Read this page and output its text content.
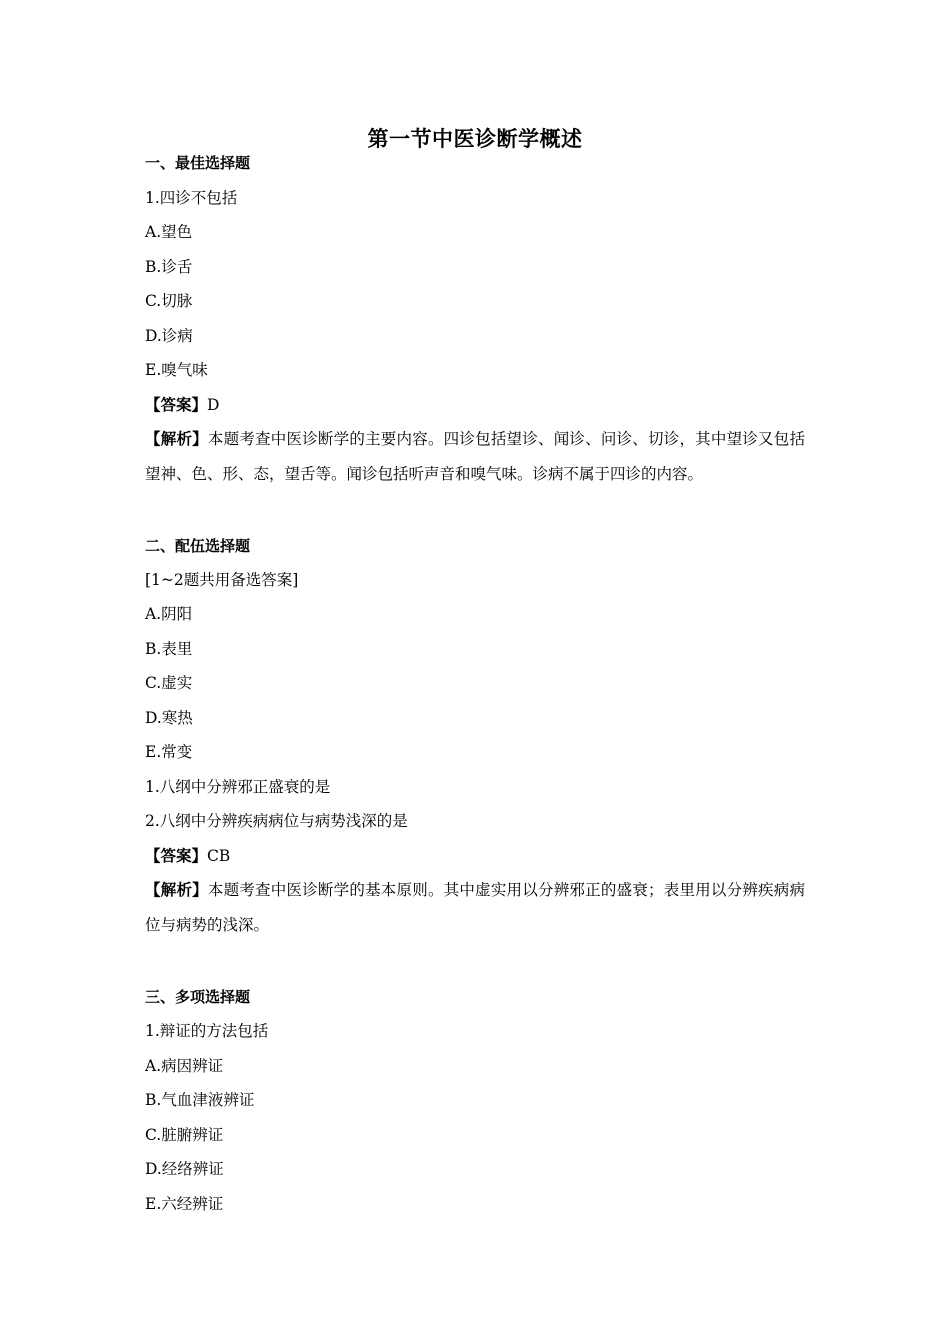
第一节中医诊断学概述
一、最佳选择题
1.四诊不包括
A.望色
B.诊舌
C.切脉
D.诊病
E.嗅气味
【答案】D
【解析】本题考查中医诊断学的主要内容。四诊包括望诊、闻诊、问诊、切诊，其中望诊又包括望神、色、形、态，望舌等。闻诊包括听声音和嗅气味。诊病不属于四诊的内容。
二、配伍选择题
[1~2题共用备选答案]
A.阴阳
B.表里
C.虚实
D.寒热
E.常变
1.八纲中分辨邪正盛衰的是
2.八纲中分辨疾病病位与病势浅深的是
【答案】CB
【解析】本题考查中医诊断学的基本原则。其中虚实用以分辨邪正的盛衰；表里用以分辨疾病病位与病势的浅深。
三、多项选择题
1.辩证的方法包括
A.病因辨证
B.气血津液辨证
C.脏腑辨证
D.经络辨证
E.六经辨证
